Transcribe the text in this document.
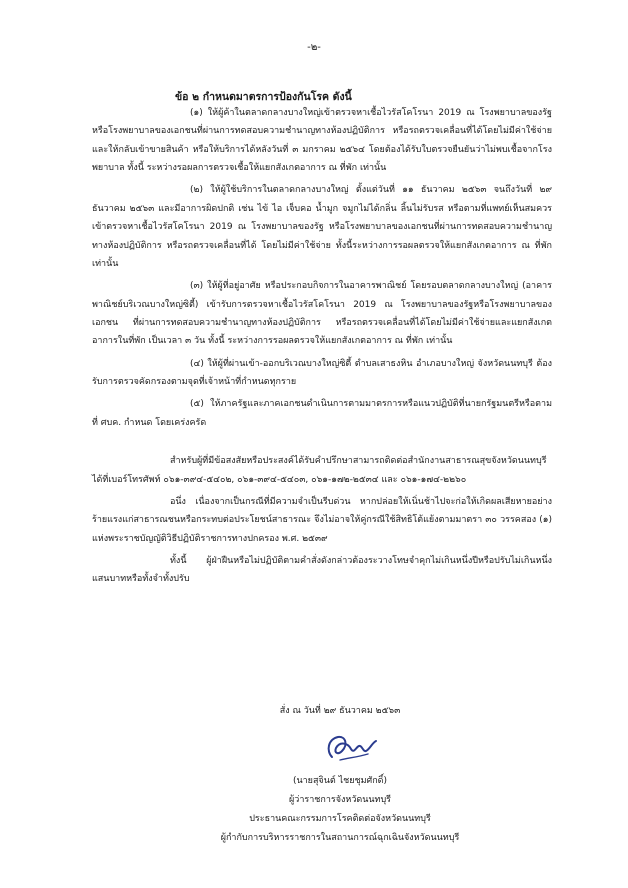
-๒-
ข้อ ๒ กำหนดมาตรการป้องกันโรค ดังนี้

(๑) ให้ผู้ค้าในตลาดกลางบางใหญ่เข้าตรวจหาเชื้อไวรัสโคโรนา 2019 ณ โรงพยาบาลของรัฐหรือโรงพยาบาลของเอกชนที่ผ่านการทดสอบความชำนาญทางห้องปฏิบัติการ หรือรถตรวจเคลื่อนที่ได้โดยไม่มีค่าใช้จ่าย และให้กลับเข้าขายสินค้า หรือให้บริการได้หลังวันที่ ๓ มกราคม ๒๕๖๔ โดยต้องได้รับใบตรวจยืนยันว่าไม่พบเชื้อจากโรงพยาบาล ทั้งนี้ ระหว่างรอผลการตรวจเชื้อให้แยกสังเกตอาการ ณ ที่พัก เท่านั้น

(๒) ให้ผู้ใช้บริการในตลาดกลางบางใหญ่ ตั้งแต่วันที่ ๑๑ ธันวาคม ๒๕๖๓ จนถึงวันที่ ๒๙ ธันวาคม ๒๕๖๓ และมีอาการผิดปกติ เช่น ไข้ ไอ เจ็บคอ น้ำมูก จมูกไม่ได้กลิ่น ลิ้นไม่รับรส หรือตามที่แพทย์เห็นสมควร เข้าตรวจหาเชื้อไวรัสโคโรนา 2019 ณ โรงพยาบาลของรัฐ หรือโรงพยาบาลของเอกชนที่ผ่านการทดสอบความชำนาญทางห้องปฏิบัติการ หรือรถตรวจเคลื่อนที่ได้ โดยไม่มีค่าใช้จ่าย ทั้งนี้ระหว่างการรอผลตรวจให้แยกสังเกตอาการ ณ ที่พัก เท่านั้น

(๓) ให้ผู้ที่อยู่อาศัย หรือประกอบกิจการในอาคารพาณิชย์ โดยรอบตลาดกลางบางใหญ่ (อาคารพาณิชย์บริเวณบางใหญ่ซิตี้) เข้ารับการตรวจหาเชื้อไวรัสโคโรนา 2019 ณ โรงพยาบาลของรัฐหรือโรงพยาบาลของเอกชน ที่ผ่านการทดสอบความชำนาญทางห้องปฏิบัติการ หรือรถตรวจเคลื่อนที่ได้โดยไม่มีค่าใช้จ่ายและแยกสังเกตอาการในที่พัก เป็นเวลา ๓ วัน ทั้งนี้ ระหว่างการรอผลตรวจให้แยกสังเกตอาการ ณ ที่พัก เท่านั้น

(๔) ให้ผู้ที่ผ่านเข้า-ออกบริเวณบางใหญ่ซิตี้ ตำบลเสาธงหิน อำเภอบางใหญ่ จังหวัดนนทบุรี ต้องรับการตรวจคัดกรองตามจุดที่เจ้าหน้าที่กำหนดทุกราย

(๕) ให้ภาครัฐและภาคเอกชนดำเนินการตามมาตรการหรือแนวปฏิบัติที่นายกรัฐมนตรีหรือตามที่ ศบค. กำหนด โดยเคร่งครัด

สำหรับผู้ที่มีข้อสงสัยหรือประสงค์ได้รับคำปรึกษาสามารถติดต่อสำนักงานสาธารณสุขจังหวัดนนทบุรี ได้ที่เบอร์โทรศัพท์ ๐๖๑-๓๙๔-๕๔๐๒, ๐๖๑-๓๙๔-๕๔๐๓, ๐๖๑-๑๗๒-๒๕๓๔ และ ๐๖๑-๑๗๔-๒๒๖๐

อนึ่ง เนื่องจากเป็นกรณีที่มีความจำเป็นรีบด่วน หากปล่อยให้เนิ่นช้าไปจะก่อให้เกิดผลเสียหายอย่างร้ายแรงแก่สาธารณชนหรือกระทบต่อประโยชน์สาธารณะ จึงไม่อาจให้คู่กรณีใช้สิทธิโต้แย้งตามมาตรา ๓๐ วรรคสอง (๑) แห่งพระราชบัญญัติวิธีปฏิบัติราชการทางปกครอง พ.ศ. ๒๕๓๙

ทั้งนี้ ผู้ฝ่าฝืนหรือไม่ปฏิบัติตามคำสั่งดังกล่าวต้องระวางโทษจำคุกไม่เกินหนึ่งปีหรือปรับไม่เกินหนึ่งแสนบาทหรือทั้งจำทั้งปรับ

สั่ง ณ วันที่ ๒๙ ธันวาคม ๒๕๖๓
(นายสุจินต์ ไชยชุมศักดิ์)
ผู้ว่าราชการจังหวัดนนทบุรี
ประธานคณะกรรมการโรคติดต่อจังหวัดนนทบุรี
ผู้กำกับการบริหารราชการในสถานการณ์ฉุกเฉินจังหวัดนนทบุรี
